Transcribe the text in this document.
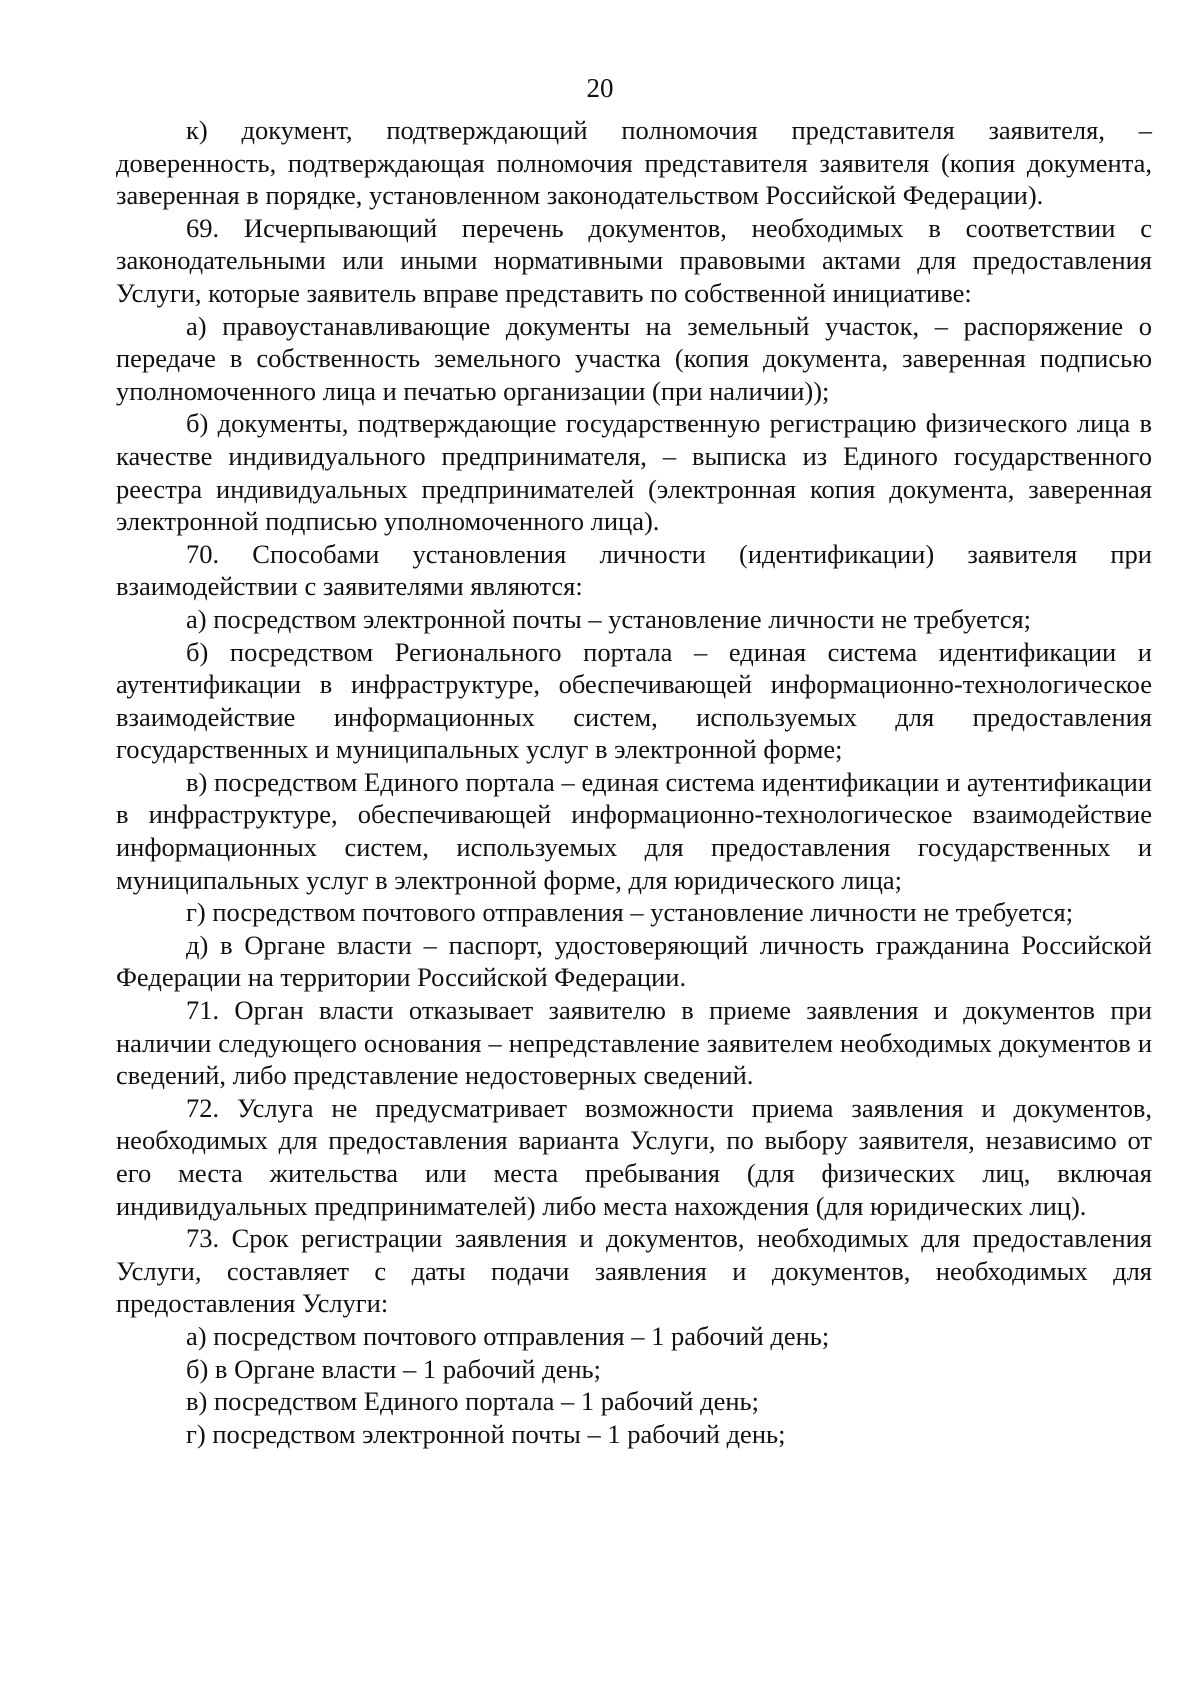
20

к) документ, подтверждающий полномочия представителя заявителя, – доверенность, подтверждающая полномочия представителя заявителя (копия документа, заверенная в порядке, установленном законодательством Российской Федерации).

69. Исчерпывающий перечень документов, необходимых в соответствии с законодательными или иными нормативными правовыми актами для предоставления Услуги, которые заявитель вправе представить по собственной инициативе:

а) правоустанавливающие документы на земельный участок, – распоряжение о передаче в собственность земельного участка (копия документа, заверенная подписью уполномоченного лица и печатью организации (при наличии));

б) документы, подтверждающие государственную регистрацию физического лица в качестве индивидуального предпринимателя, – выписка из Единого государственного реестра индивидуальных предпринимателей (электронная копия документа, заверенная электронной подписью уполномоченного лица).

70. Способами установления личности (идентификации) заявителя при взаимодействии с заявителями являются:

а) посредством электронной почты – установление личности не требуется;

б) посредством Регионального портала – единая система идентификации и аутентификации в инфраструктуре, обеспечивающей информационно-технологическое взаимодействие информационных систем, используемых для предоставления государственных и муниципальных услуг в электронной форме;

в) посредством Единого портала – единая система идентификации и аутентификации в инфраструктуре, обеспечивающей информационно-технологическое взаимодействие информационных систем, используемых для предоставления государственных и муниципальных услуг в электронной форме, для юридического лица;

г) посредством почтового отправления – установление личности не требуется;

д) в Органе власти – паспорт, удостоверяющий личность гражданина Российской Федерации на территории Российской Федерации.

71. Орган власти отказывает заявителю в приеме заявления и документов при наличии следующего основания – непредставление заявителем необходимых документов и сведений, либо представление недостоверных сведений.

72. Услуга не предусматривает возможности приема заявления и документов, необходимых для предоставления варианта Услуги, по выбору заявителя, независимо от его места жительства или места пребывания (для физических лиц, включая индивидуальных предпринимателей) либо места нахождения (для юридических лиц).

73. Срок регистрации заявления и документов, необходимых для предоставления Услуги, составляет с даты подачи заявления и документов, необходимых для предоставления Услуги:

а) посредством почтового отправления – 1 рабочий день;

б) в Органе власти – 1 рабочий день;

в) посредством Единого портала – 1 рабочий день;

г) посредством электронной почты – 1 рабочий день;
